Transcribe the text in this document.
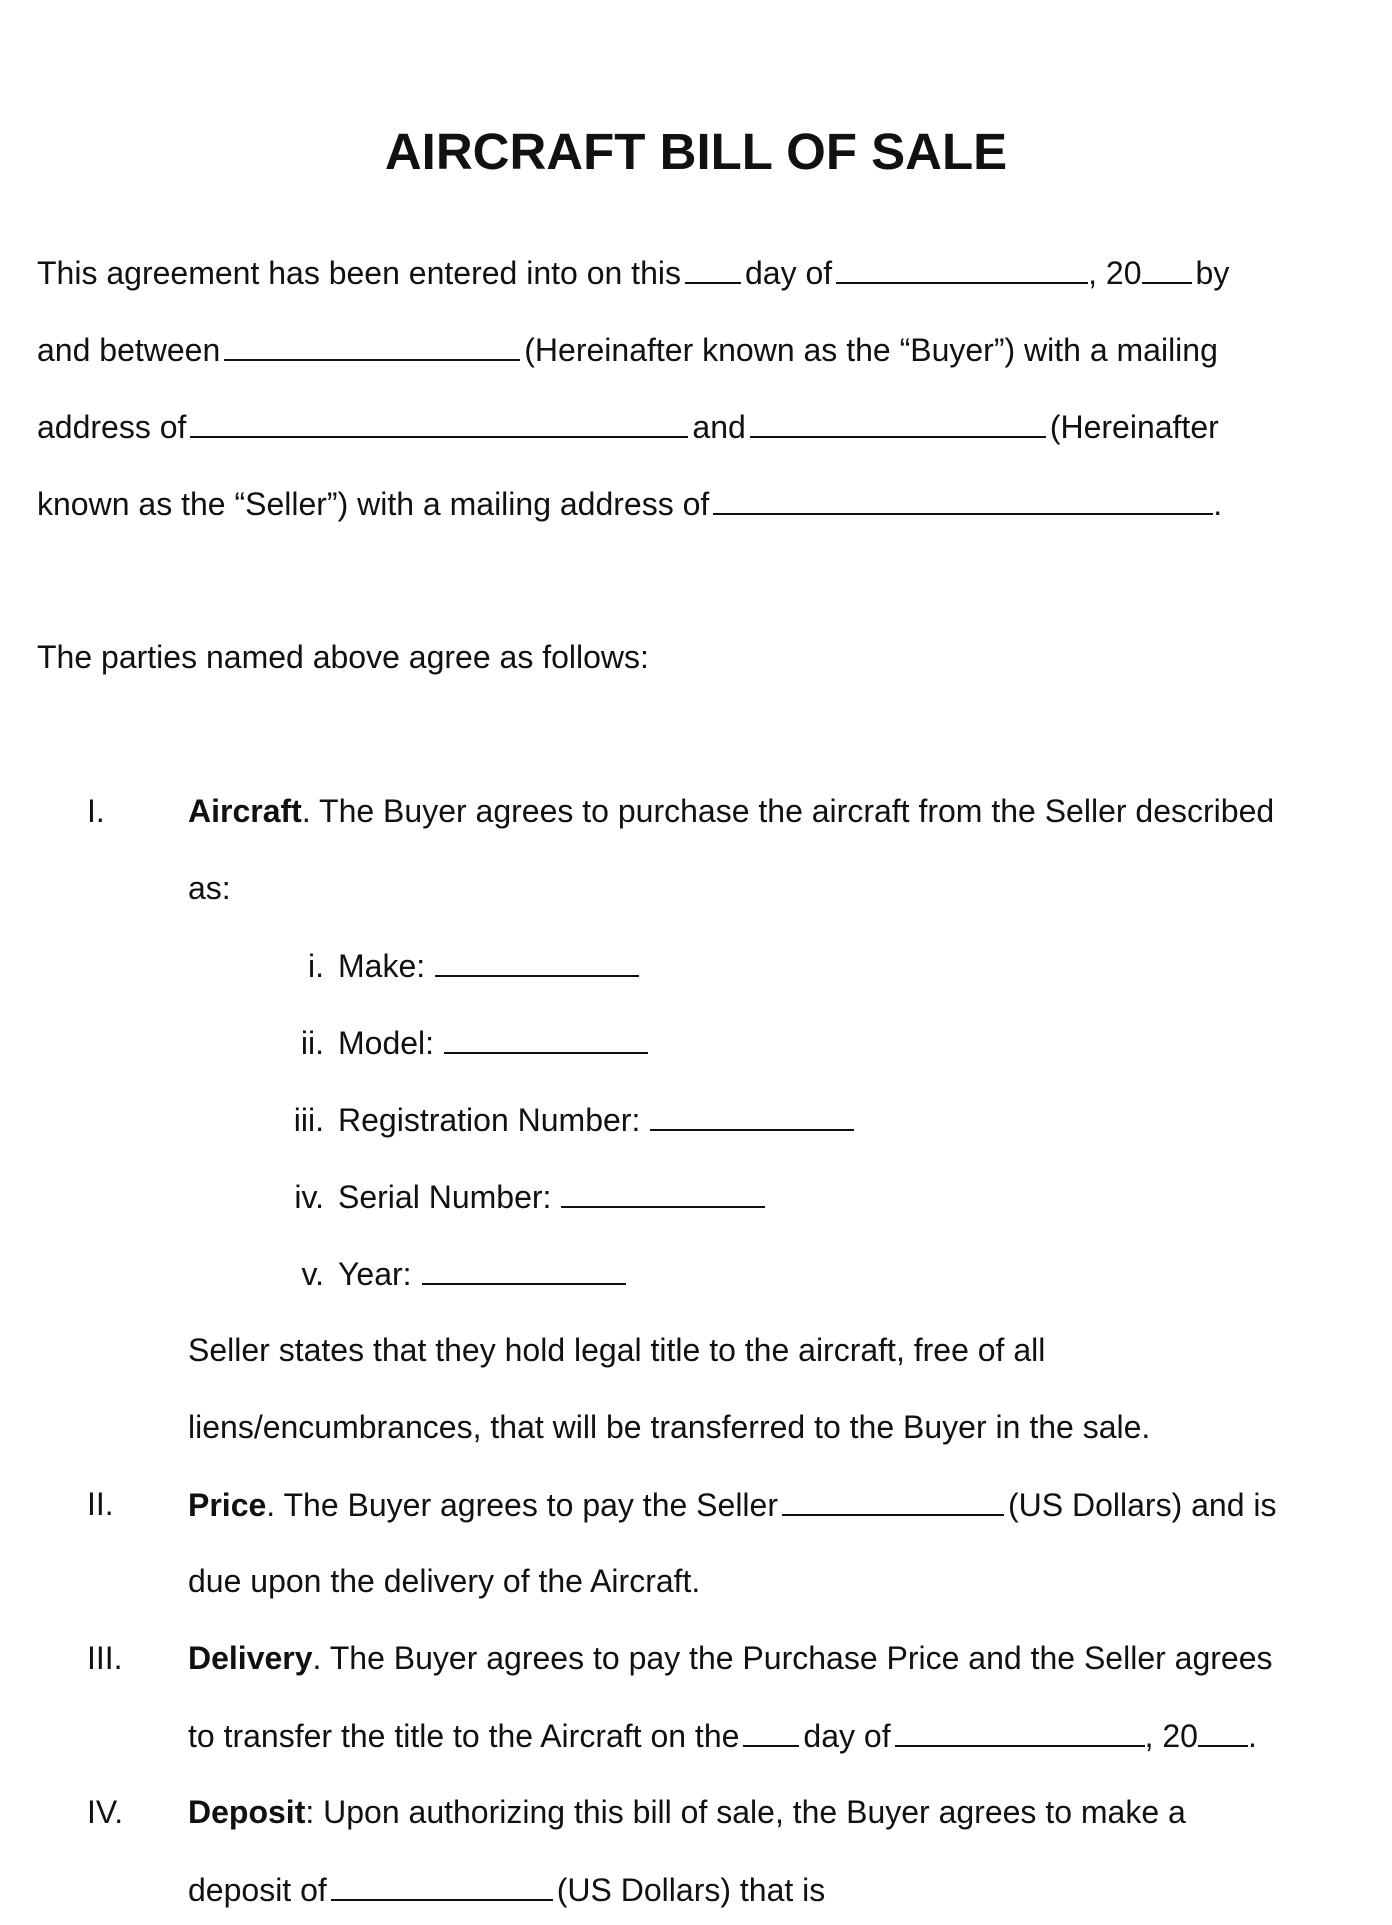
AIRCRAFT BILL OF SALE
This agreement has been entered into on this day of	, 20 by
and between	(Hereinafter known as the “Buyer”) with a mailing
address of	and	(Hereinafter
known as the “Seller”) with a mailing address of	.
The parties named above agree as follows:
I.	Aircraft. The Buyer agrees to purchase the aircraft from the Seller described
as:
i. Make:
ii. Model:
iii. Registration Number:
iv. Serial Number:
v. Year:
Seller states that they hold legal title to the aircraft, free of all
liens/encumbrances, that will be transferred to the Buyer in the sale.
II. Price. The Buyer agrees to pay the Seller	(US Dollars) and is
due upon the delivery of the Aircraft.
III. Delivery. The Buyer agrees to pay the Purchase Price and the Seller agrees
to transfer the title to the Aircraft on the day of	, 20 .
IV. Deposit: Upon authorizing this bill of sale, the Buyer agrees to make a
deposit of	(US Dollars) that is
